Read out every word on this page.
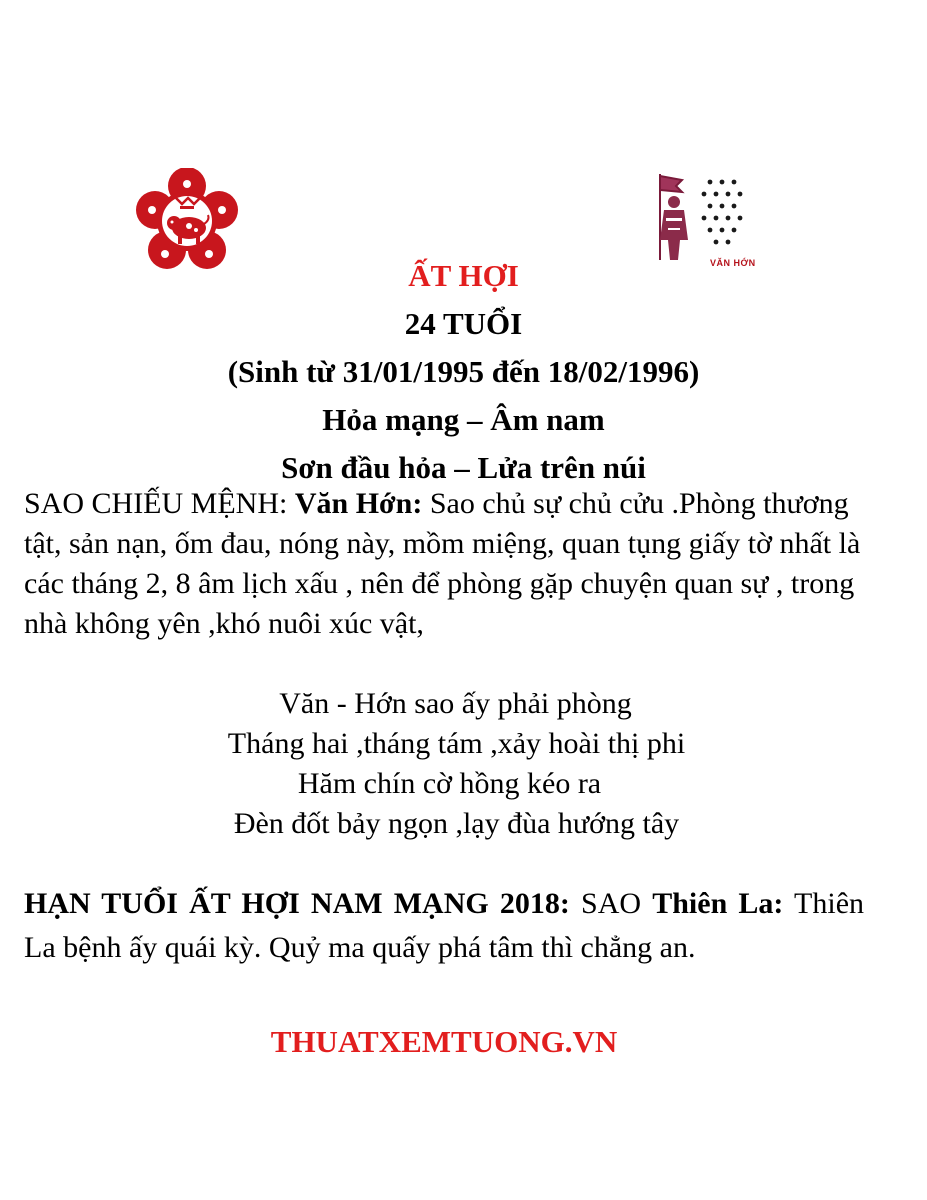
VĂN HỚN
ẤT HỢI
24 TUỔI
(Sinh từ 31/01/1995 đến 18/02/1996)
Hỏa mạng – Âm nam
Sơn đầu hỏa – Lửa trên núi
SAO CHIẾU MỆNH: Văn Hớn: Sao chủ sự chủ cửu .Phòng thương tật, sản nạn, ốm đau, nóng này, mồm miệng, quan tụng giấy tờ nhất là các tháng 2, 8 âm lịch xấu , nên để phòng gặp chuyện quan sự , trong nhà không yên ,khó nuôi xúc vật,
Văn - Hớn sao ấy phải phòng
Tháng hai ,tháng tám ,xảy hoài thị phi
Hăm chín cờ hồng kéo ra
Đèn đốt bảy ngọn ,lạy đùa hướng tây
HẠN TUỔI ẤT HỢI NAM MẠNG 2018: SAO Thiên La: Thiên La bệnh ấy quái kỳ. Quỷ ma quấy phá tâm thì chẳng an.
THUATXEMTUONG.VN
